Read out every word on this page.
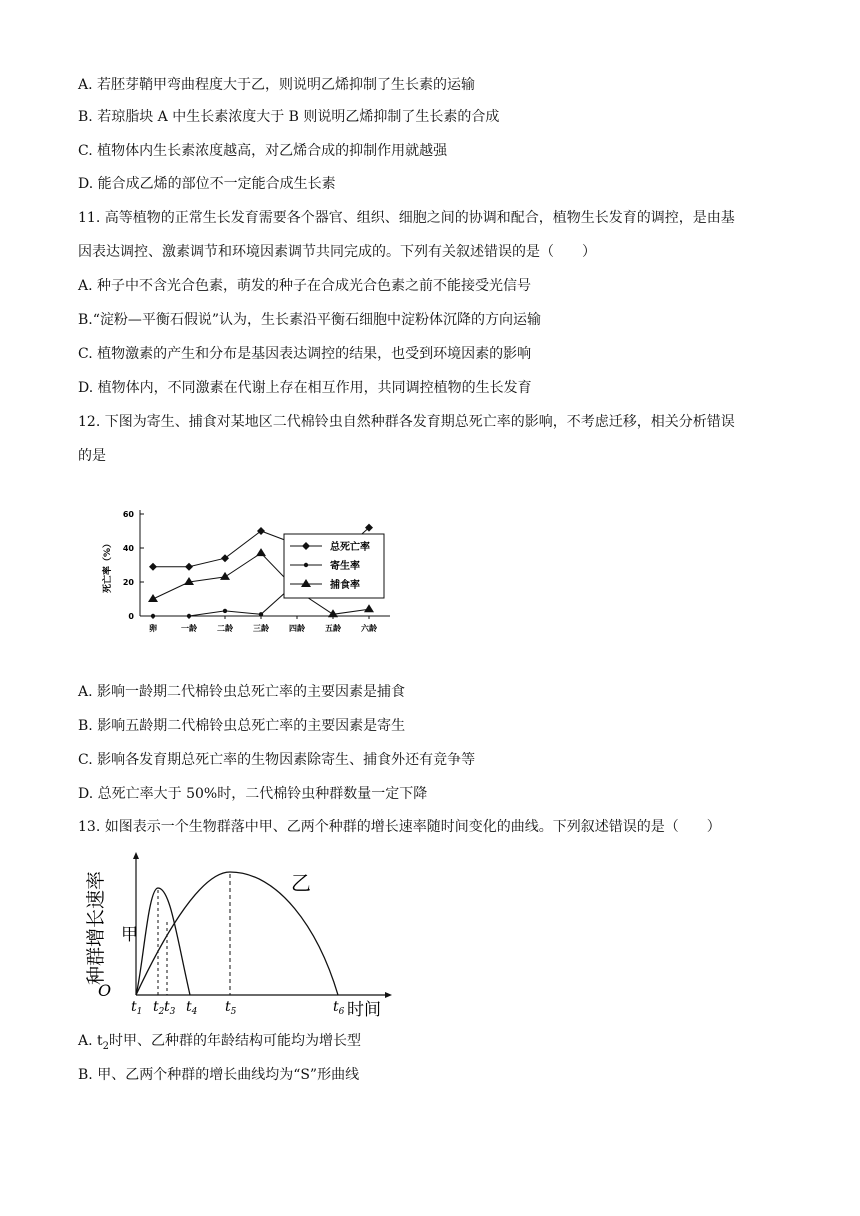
A. 若胚芽鞘甲弯曲程度大于乙，则说明乙烯抑制了生长素的运输
B. 若琼脂块 A 中生长素浓度大于 B 则说明乙烯抑制了生长素的合成
C. 植物体内生长素浓度越高，对乙烯合成的抑制作用就越强
D. 能合成乙烯的部位不一定能合成生长素
11. 高等植物的正常生长发育需要各个器官、组织、细胞之间的协调和配合，植物生长发育的调控，是由基
因表达调控、激素调节和环境因素调节共同完成的。下列有关叙述错误的是（　　）
A. 种子中不含光合色素，萌发的种子在合成光合色素之前不能接受光信号
B.“淀粉—平衡石假说”认为，生长素沿平衡石细胞中淀粉体沉降的方向运输
C. 植物激素的产生和分布是基因表达调控的结果，也受到环境因素的影响
D. 植物体内，不同激素在代谢上存在相互作用，共同调控植物的生长发育
12. 下图为寄生、捕食对某地区二代棉铃虫自然种群各发育期总死亡率的影响，不考虑迁移，相关分析错误
的是
0
20
40
60
卵	一龄	二龄	三龄	四龄	五龄	六龄
死亡率（%）	总死亡率
寄生率
捕食率
A. 影响一龄期二代棉铃虫总死亡率的主要因素是捕食
B. 影响五龄期二代棉铃虫总死亡率的主要因素是寄生
C. 影响各发育期总死亡率的生物因素除寄生、捕食外还有竞争等
D. 总死亡率大于 50%时，二代棉铃虫种群数量一定下降
13. 如图表示一个生物群落中甲、乙两个种群的增长速率随时间变化的曲线。下列叙述错误的是（　　）
种群增长速率
时间
O
甲
乙
$t_1$ $t_2$ $t_3$ $t_4$ $t_5$	$t_6$
A. $t_2$时甲、乙种群的年龄结构可能均为增长型
B. 甲、乙两个种群的增长曲线均为“S”形曲线
